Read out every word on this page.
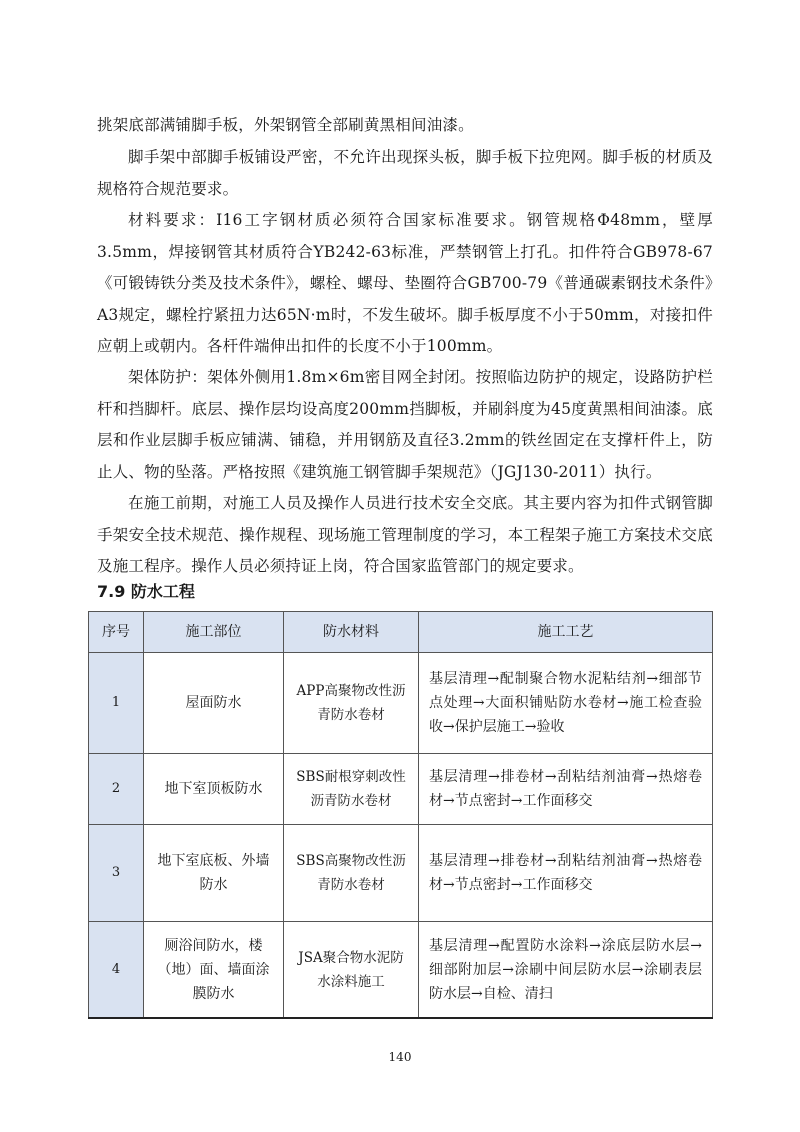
挑架底部满铺脚手板，外架钢管全部刷黄黑相间油漆。

脚手架中部脚手板铺设严密，不允许出现探头板，脚手板下拉兜网。脚手板的材质及规格符合规范要求。

材料要求：I16工字钢材质必须符合国家标准要求。钢管规格Φ48mm，壁厚3.5mm，焊接钢管其材质符合YB242-63标准，严禁钢管上打孔。扣件符合GB978-67《可锻铸铁分类及技术条件》，螺栓、螺母、垫圈符合GB700-79《普通碳素钢技术条件》A3规定，螺栓拧紧扭力达65N·m时，不发生破坏。脚手板厚度不小于50mm，对接扣件应朝上或朝内。各杆件端伸出扣件的长度不小于100mm。

架体防护：架体外侧用1.8m×6m密目网全封闭。按照临边防护的规定，设路防护栏杆和挡脚杆。底层、操作层均设高度200mm挡脚板，并刷斜度为45度黄黑相间油漆。底层和作业层脚手板应铺满、铺稳，并用钢筋及直径3.2mm的铁丝固定在支撑杆件上，防止人、物的坠落。严格按照《建筑施工钢管脚手架规范》（JGJ130-2011）执行。

在施工前期，对施工人员及操作人员进行技术安全交底。其主要内容为扣件式钢管脚手架安全技术规范、操作规程、现场施工管理制度的学习，本工程架子施工方案技术交底及施工程序。操作人员必须持证上岗，符合国家监管部门的规定要求。

7.9 防水工程
序号	施工部位	防水材料	施工工艺
1	屋面防水	APP高聚物改性沥青防水卷材	基层清理→配制聚合物水泥粘结剂→细部节点处理→大面积铺贴防水卷材→施工检查验收→保护层施工→验收
2	地下室顶板防水	SBS耐根穿刺改性沥青防水卷材	基层清理→排卷材→刮粘结剂油膏→热熔卷材→节点密封→工作面移交
3	地下室底板、外墙防水	SBS高聚物改性沥青防水卷材	基层清理→排卷材→刮粘结剂油膏→热熔卷材→节点密封→工作面移交
4	厕浴间防水，楼（地）面、墙面涂膜防水	JSA聚合物水泥防水涂料施工	基层清理→配置防水涂料→涂底层防水层→细部附加层→涂刷中间层防水层→涂刷表层防水层→自检、清扫
140
